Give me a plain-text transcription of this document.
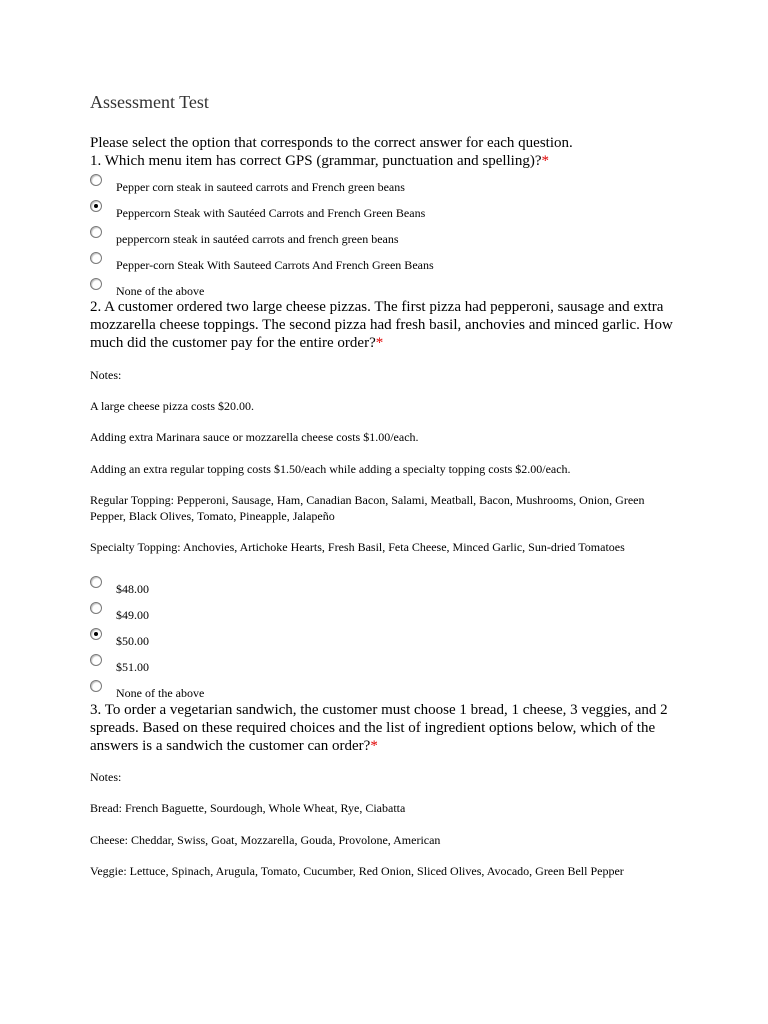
Assessment Test
Please select the option that corresponds to the correct answer for each question.
1. Which menu item has correct GPS (grammar, punctuation and spelling)?*
Pepper corn steak in sauteed carrots and French green beans
Peppercorn Steak with Sautéed Carrots and French Green Beans
peppercorn steak in sautéed carrots and french green beans
Pepper-corn Steak With Sauteed Carrots And French Green Beans
None of the above
2. A customer ordered two large cheese pizzas. The first pizza had pepperoni, sausage and extra mozzarella cheese toppings. The second pizza had fresh basil, anchovies and minced garlic. How much did the customer pay for the entire order?*
Notes:
A large cheese pizza costs $20.00.
Adding extra Marinara sauce or mozzarella cheese costs $1.00/each.
Adding an extra regular topping costs $1.50/each while adding a specialty topping costs $2.00/each.
Regular Topping: Pepperoni, Sausage, Ham, Canadian Bacon, Salami, Meatball, Bacon, Mushrooms, Onion, Green Pepper, Black Olives, Tomato, Pineapple, Jalapeño
Specialty Topping: Anchovies, Artichoke Hearts, Fresh Basil, Feta Cheese, Minced Garlic, Sun-dried Tomatoes
$48.00
$49.00
$50.00
$51.00
None of the above
3. To order a vegetarian sandwich, the customer must choose 1 bread, 1 cheese, 3 veggies, and 2 spreads. Based on these required choices and the list of ingredient options below, which of the answers is a sandwich the customer can order?*
Notes:
Bread: French Baguette, Sourdough, Whole Wheat, Rye, Ciabatta
Cheese: Cheddar, Swiss, Goat, Mozzarella, Gouda, Provolone, American
Veggie: Lettuce, Spinach, Arugula, Tomato, Cucumber, Red Onion, Sliced Olives, Avocado, Green Bell Pepper
